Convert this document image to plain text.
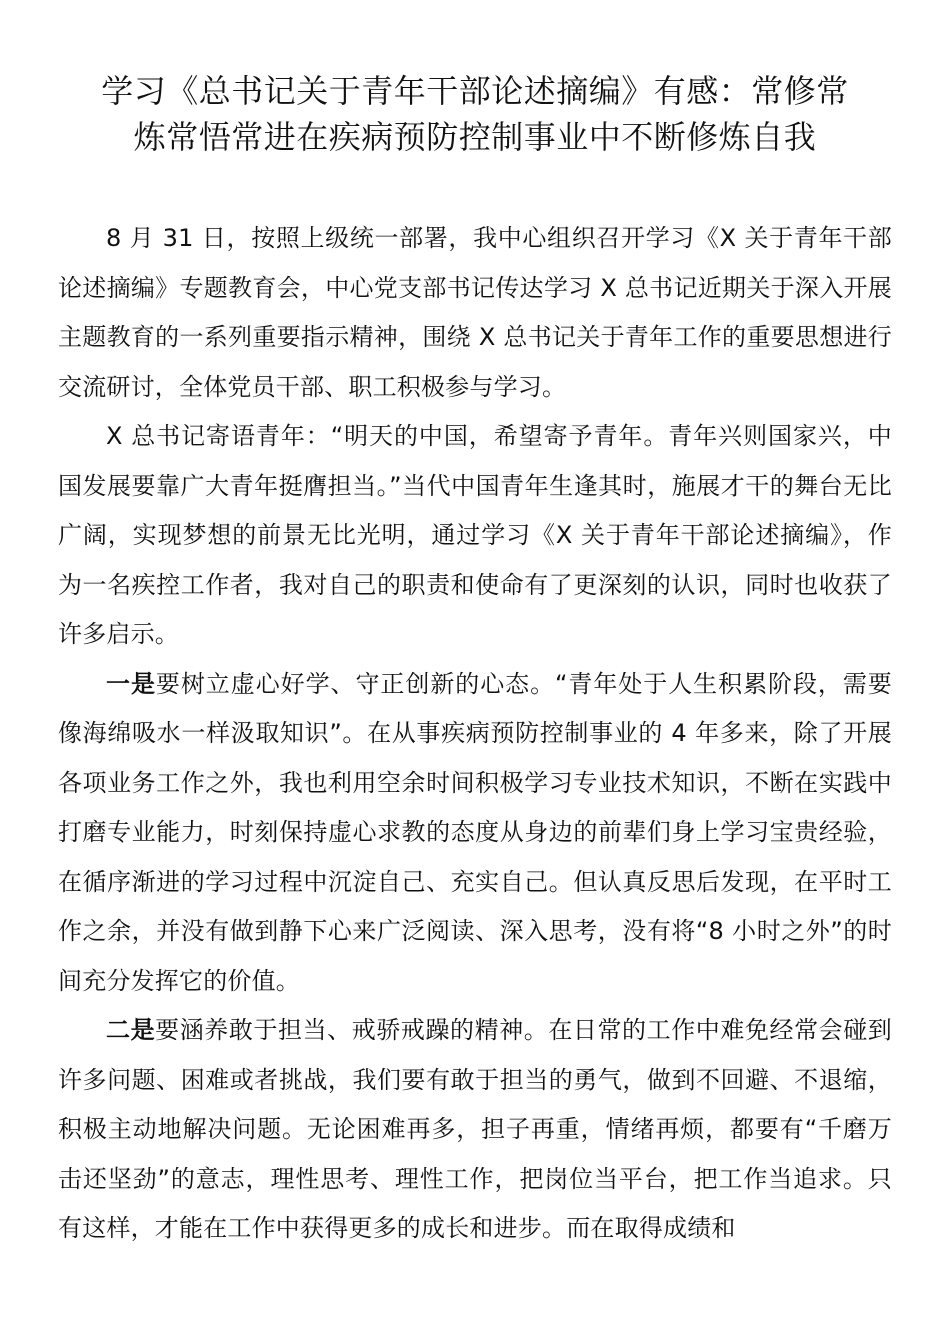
学习《总书记关于青年干部论述摘编》有感：常修常
炼常悟常进在疾病预防控制事业中不断修炼自我

8 月 31 日，按照上级统一部署，我中心组织召开学习《X 关于青年干部论述摘编》专题教育会，中心党支部书记传达学习 X 总书记近期关于深入开展主题教育的一系列重要指示精神，围绕 X 总书记关于青年工作的重要思想进行交流研讨，全体党员干部、职工积极参与学习。

X 总书记寄语青年：“明天的中国，希望寄予青年。青年兴则国家兴，中国发展要靠广大青年挺膺担当。”当代中国青年生逢其时，施展才干的舞台无比广阔，实现梦想的前景无比光明，通过学习《X 关于青年干部论述摘编》，作为一名疾控工作者，我对自己的职责和使命有了更深刻的认识，同时也收获了许多启示。

一是要树立虚心好学、守正创新的心态。“青年处于人生积累阶段，需要像海绵吸水一样汲取知识”。在从事疾病预防控制事业的 4 年多来，除了开展各项业务工作之外，我也利用空余时间积极学习专业技术知识，不断在实践中打磨专业能力，时刻保持虚心求教的态度从身边的前辈们身上学习宝贵经验，在循序渐进的学习过程中沉淀自己、充实自己。但认真反思后发现，在平时工作之余，并没有做到静下心来广泛阅读、深入思考，没有将“8 小时之外”的时间充分发挥它的价值。

二是要涵养敢于担当、戒骄戒躁的精神。在日常的工作中难免经常会碰到许多问题、困难或者挑战，我们要有敢于担当的勇气，做到不回避、不退缩，积极主动地解决问题。无论困难再多，担子再重，情绪再烦，都要有“千磨万击还坚劲”的意志，理性思考、理性工作，把岗位当平台，把工作当追求。只有这样，才能在工作中获得更多的成长和进步。而在取得成绩和
